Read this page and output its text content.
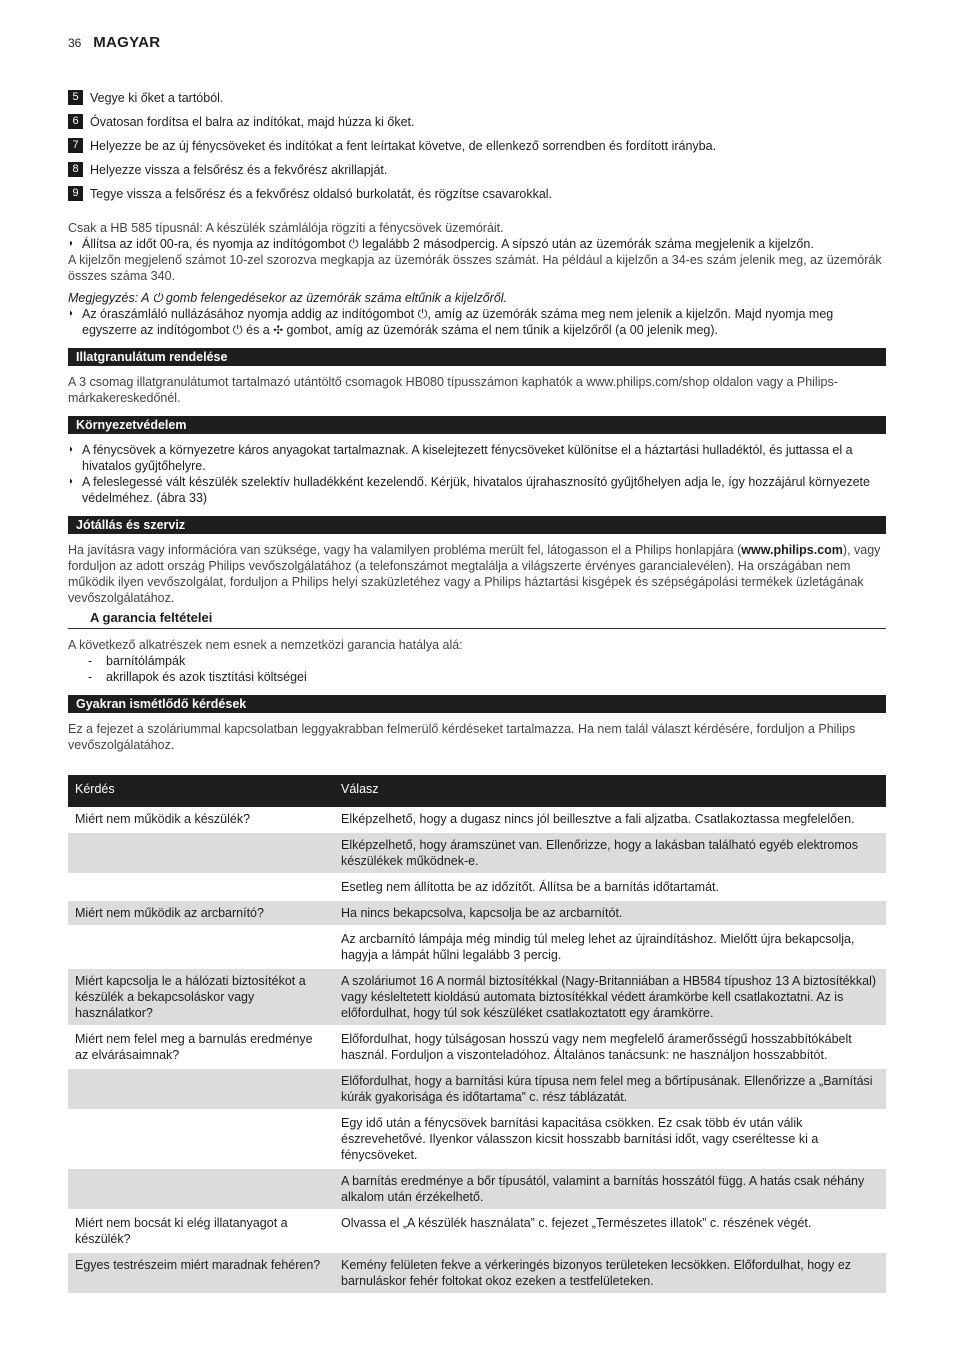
36 MAGYAR
5 Vegye ki őket a tartóból.
6 Óvatosan fordítsa el balra az indítókat, majd húzza ki őket.
7 Helyezze be az új fénycsöveket és indítókat a fent leírtakat követve, de ellenkező sorrendben és fordított irányba.
8 Helyezze vissza a felsőrész és a fekvőrész akrillapját.
9 Tegye vissza a felsőrész és a fekvőrész oldalsó burkolatát, és rögzítse csavarokkal.

Csak a HB 585 típusnál: A készülék számlálója rögzíti a fénycsövek üzemóráit.

◗ Állítsa az időt 00-ra, és nyomja az indítógombot ⏻ legalább 2 másodpercig. A sípszó után az üzemórák száma megjelenik a kijelzőn.

A kijelzőn megjelenő számot 10-zel szorozva megkapja az üzemórák összes számát. Ha például a kijelzőn a 34-es szám jelenik meg, az üzemórák összes száma 340.

Megjegyzés: A ⏻ gomb felengedésekor az üzemórák száma eltűnik a kijelzőről.

◗ Az óraszámláló nullázásához nyomja addig az indítógombot ⏻, amíg az üzemórák száma meg nem jelenik a kijelzőn. Majd nyomja meg egyszerre az indítógombot ⏻ és a ✣ gombot, amíg az üzemórák száma el nem tűnik a kijelzőről (a 00 jelenik meg).
Illatgranulátum rendelése

A 3 csomag illatgranulátumot tartalmazó utántöltő csomagok HB080 típusszámon kaphatók a www.philips.com/shop oldalon vagy a Philips-márkakereskedőnél.

Környezetvédelem
◗ A fénycsövek a környezetre káros anyagokat tartalmaznak. A kiselejtezett fénycsöveket különítse el a háztartási hulladéktól, és juttassa el a hivatalos gyűjtőhelyre.
◗ A feleslegessé vált készülék szelektív hulladékként kezelendő. Kérjük, hivatalos újrahasznosító gyűjtőhelyen adja le, így hozzájárul környezete védelméhez. (ábra 33)
Jótállás és szerviz

Ha javításra vagy információra van szüksége, vagy ha valamilyen probléma merült fel, látogasson el a Philips honlapjára (www.philips.com), vagy forduljon az adott ország Philips vevőszolgálatához (a telefonszámot megtalálja a világszerte érvényes garancialevélen). Ha országában nem működik ilyen vevőszolgálat, forduljon a Philips helyi szaküzletéhez vagy a Philips háztartási kisgépek és szépségápolási termékek üzletágának vevőszolgálatához.

A garancia feltételei

A következő alkatrészek nem esnek a nemzetközi garancia hatálya alá:

-	barnítólámpák
-	akrillapok és azok tisztítási költségei
Gyakran ismétlődő kérdések

Ez a fejezet a szoláriummal kapcsolatban leggyakrabban felmerülő kérdéseket tartalmazza. Ha nem talál választ kérdésére, forduljon a Philips vevőszolgálatához.

Kérdés	Válasz
Miért nem működik a készülék?	Elképzelhető, hogy a dugasz nincs jól beillesztve a fali aljzatba. Csatlakoztassa megfelelően.
	Elképzelhető, hogy áramszünet van. Ellenőrizze, hogy a lakásban található egyéb elektromos készülékek működnek-e.
	Esetleg nem állította be az időzítőt. Állítsa be a barnítás időtartamát.
Miért nem működik az arcbarnító?	Ha nincs bekapcsolva, kapcsolja be az arcbarnítót.
	Az arcbarnító lámpája még mindig túl meleg lehet az újraindításhoz. Mielőtt újra bekapcsolja, hagyja a lámpát hűlni legalább 3 percig.
Miért kapcsolja le a hálózati biztosítékot a készülék a bekapcsoláskor vagy használatkor?	A szoláriumot 16 A normál biztosítékkal (Nagy-Britanniában a HB584 típushoz 13 A biztosítékkal) vagy késleltetett kioldású automata biztosítékkal védett áramkörbe kell csatlakoztatni. Az is előfordulhat, hogy túl sok készüléket csatlakoztatott egy áramkörre.
Miért nem felel meg a barnulás eredménye az elvárásaimnak?	Előfordulhat, hogy túlságosan hosszú vagy nem megfelelő áramerősségű hosszabbítókábelt használ. Forduljon a viszonteladóhoz. Általános tanácsunk: ne használjon hosszabbítót.
	Előfordulhat, hogy a barnítási kúra típusa nem felel meg a bőrtípusának. Ellenőrizze a „Barnítási kúrák gyakorisága és időtartama” c. rész táblázatát.
	Egy idő után a fénycsövek barnítási kapacitása csökken. Ez csak több év után válik észrevehetővé. Ilyenkor válasszon kicsit hosszabb barnítási időt, vagy cseréltesse ki a fénycsöveket.
	A barnítás eredménye a bőr típusától, valamint a barnítás hosszától függ. A hatás csak néhány alkalom után érzékelhető.
Miért nem bocsát ki elég illatanyagot a készülék?	Olvassa el „A készülék használata” c. fejezet „Természetes illatok” c. részének végét.
Egyes testrészeim miért maradnak fehéren?	Kemény felületen fekve a vérkeringés bizonyos területeken lecsökken. Előfordulhat, hogy ez barnuláskor fehér foltokat okoz ezeken a testfelületeken.
